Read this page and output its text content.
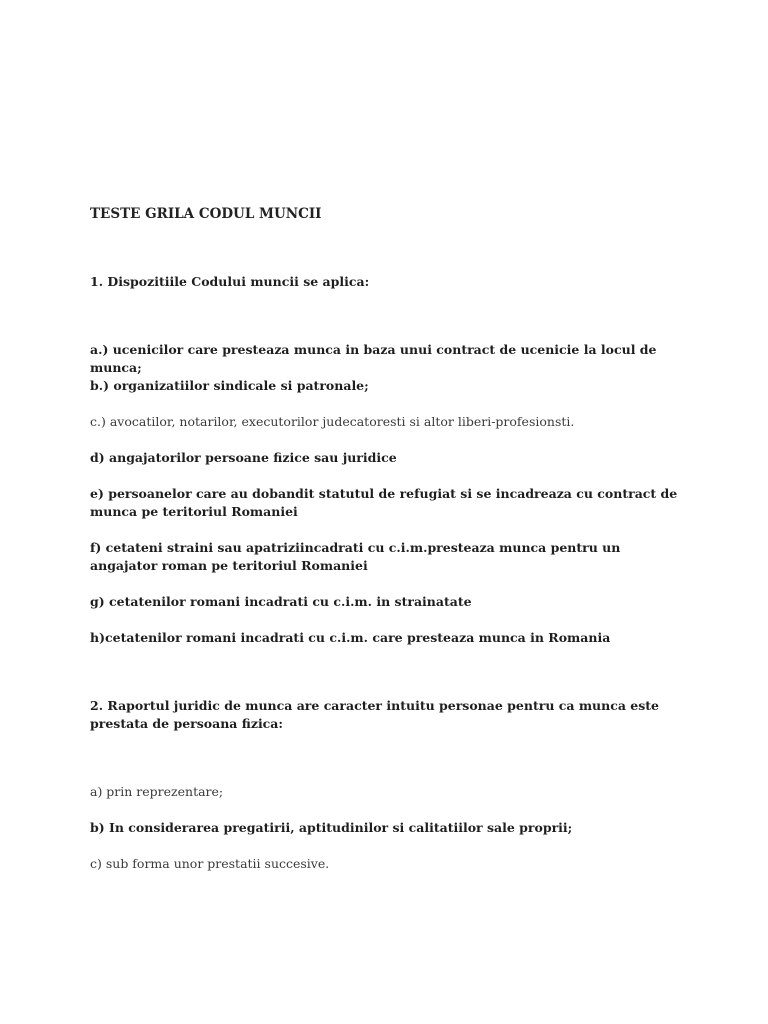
TESTE GRILA CODUL MUNCII
1. Dispozitiile Codului muncii se aplica:
a.) ucenicilor care presteaza munca in baza unui contract de ucenicie la locul de munca;
b.) organizatiilor sindicale si patronale;
c.) avocatilor, notarilor, executorilor judecatoresti si altor liberi-profesionsti.
d) angajatorilor persoane fizice sau juridice
e) persoanelor care au dobandit statutul de refugiat si se incadreaza cu contract de munca pe teritoriul Romaniei
f) cetateni straini sau apatriziincadrati cu c.i.m.presteaza munca pentru un angajator roman pe teritoriul Romaniei
g) cetatenilor romani incadrati cu c.i.m. in strainatate
h)cetatenilor romani incadrati cu c.i.m. care presteaza munca in Romania
2. Raportul juridic de munca are caracter intuitu personae pentru ca munca este prestata de persoana fizica:
a) prin reprezentare;
b) In considerarea pregatirii, aptitudinilor si calitatiilor sale proprii;
c) sub forma unor prestatii succesive.
